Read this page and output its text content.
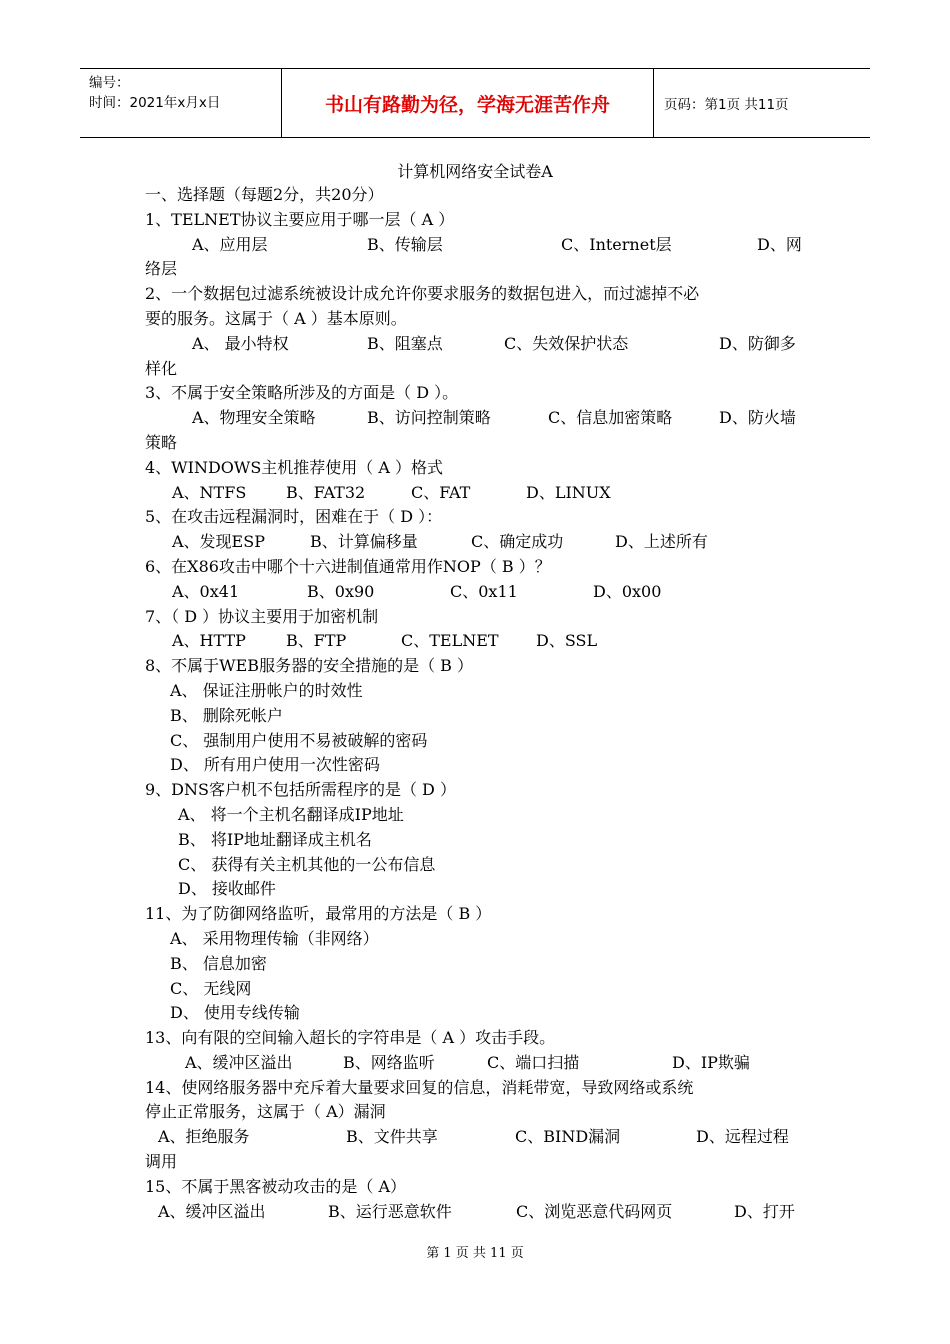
编号：
时间：2021年x月x日	书山有路勤为径，学海无涯苦作舟	页码：第1页 共11页
计算机网络安全试卷A
一、选择题（每题2分，共20分）
1、TELNET协议主要应用于哪一层（ A ）
A、应用层	B、传输层	C、Internet层	D、网
络层
2、一个数据包过滤系统被设计成允许你要求服务的数据包进入，而过滤掉不必
要的服务。这属于（ A ）基本原则。
A、 最小特权	B、阻塞点	C、失效保护状态	D、防御多
样化
3、不属于安全策略所涉及的方面是（ D ）。
A、物理安全策略	B、访问控制策略	C、信息加密策略	D、防火墙
策略
4、WINDOWS主机推荐使用（ A ）格式
A、NTFS B、FAT32	C、FAT	D、LINUX
5、在攻击远程漏洞时，困难在于（ D ）：
A、发现ESP	B、计算偏移量	C、确定成功	D、上述所有
6、在X86攻击中哪个十六进制值通常用作NOP（ B ）？
A、0x41	B、0x90	C、0x11	D、0x00
7、（ D ）协议主要用于加密机制
A、HTTP	B、FTP	C、TELNET D、SSL
8、不属于WEB服务器的安全措施的是（ B ）
A、 保证注册帐户的时效性
B、 删除死帐户
C、 强制用户使用不易被破解的密码
D、 所有用户使用一次性密码
9、DNS客户机不包括所需程序的是（ D ）
A、 将一个主机名翻译成IP地址
B、 将IP地址翻译成主机名
C、 获得有关主机其他的一公布信息
D、 接收邮件
11、为了防御网络监听，最常用的方法是（ B ）
A、 采用物理传输（非网络）
B、 信息加密
C、 无线网
D、 使用专线传输
13、向有限的空间输入超长的字符串是（ A ）攻击手段。
A、缓冲区溢出	B、网络监听	C、端口扫描	D、IP欺骗
14、使网络服务器中充斥着大量要求回复的信息，消耗带宽，导致网络或系统
停止正常服务，这属于（ A）漏洞
A、拒绝服务	B、文件共享	C、BIND漏洞	D、远程过程
调用
15、不属于黑客被动攻击的是（ A）
A、缓冲区溢出	B、运行恶意软件	C、浏览恶意代码网页	D、打开
第 1 页 共 11 页
